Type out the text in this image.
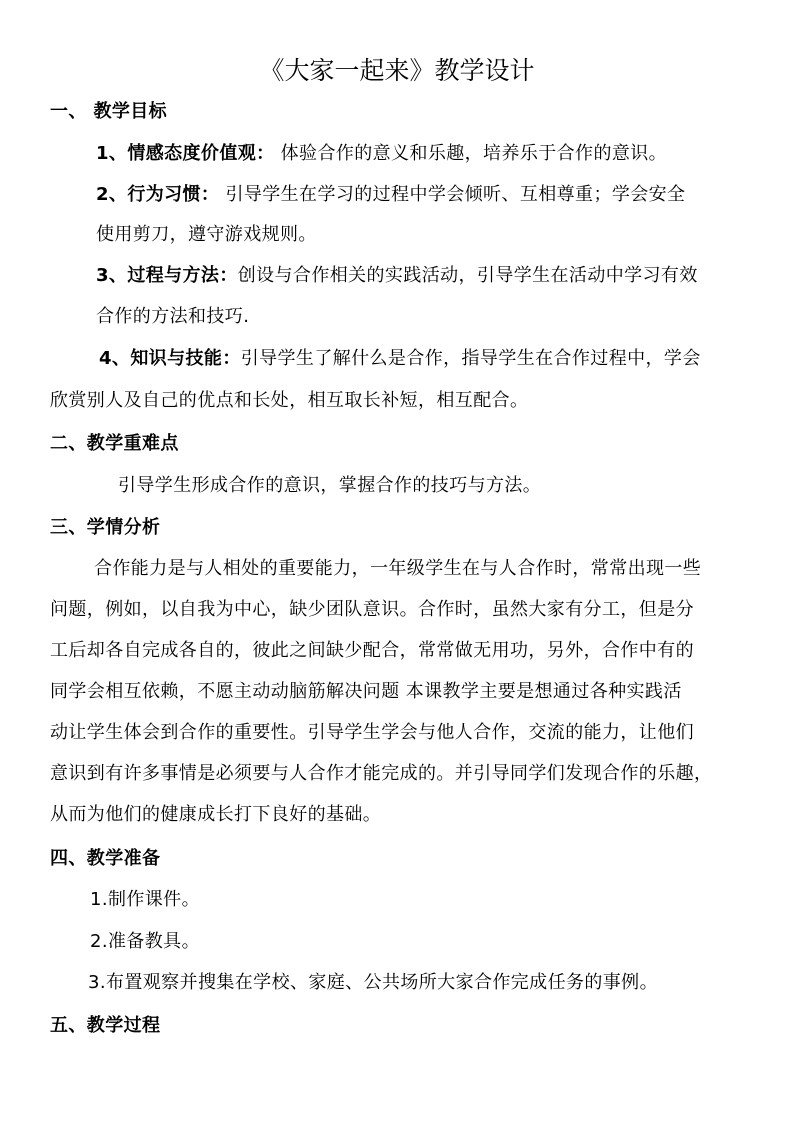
《大家一起来》教学设计
一、 教学目标
1、情感态度价值观： 体验合作的意义和乐趣，培养乐于合作的意识。
2、行为习惯： 引导学生在学习的过程中学会倾听、互相尊重；学会安全
使用剪刀，遵守游戏规则。
3、过程与方法：创设与合作相关的实践活动，引导学生在活动中学习有效
合作的方法和技巧.
4、知识与技能：引导学生了解什么是合作，指导学生在合作过程中，学会
欣赏别人及自己的优点和长处，相互取长补短，相互配合。
二、教学重难点
引导学生形成合作的意识，掌握合作的技巧与方法。
三、学情分析
合作能力是与人相处的重要能力，一年级学生在与人合作时，常常出现一些
问题，例如，以自我为中心，缺少团队意识。合作时，虽然大家有分工，但是分
工后却各自完成各自的，彼此之间缺少配合，常常做无用功，另外，合作中有的
同学会相互依赖，不愿主动动脑筋解决问题 本课教学主要是想通过各种实践活
动让学生体会到合作的重要性。引导学生学会与他人合作，交流的能力，让他们
意识到有许多事情是必须要与人合作才能完成的。并引导同学们发现合作的乐趣，
从而为他们的健康成长打下良好的基础。
四、教学准备
1.制作课件。
2.准备教具。
3.布置观察并搜集在学校、家庭、公共场所大家合作完成任务的事例。
五、教学过程
